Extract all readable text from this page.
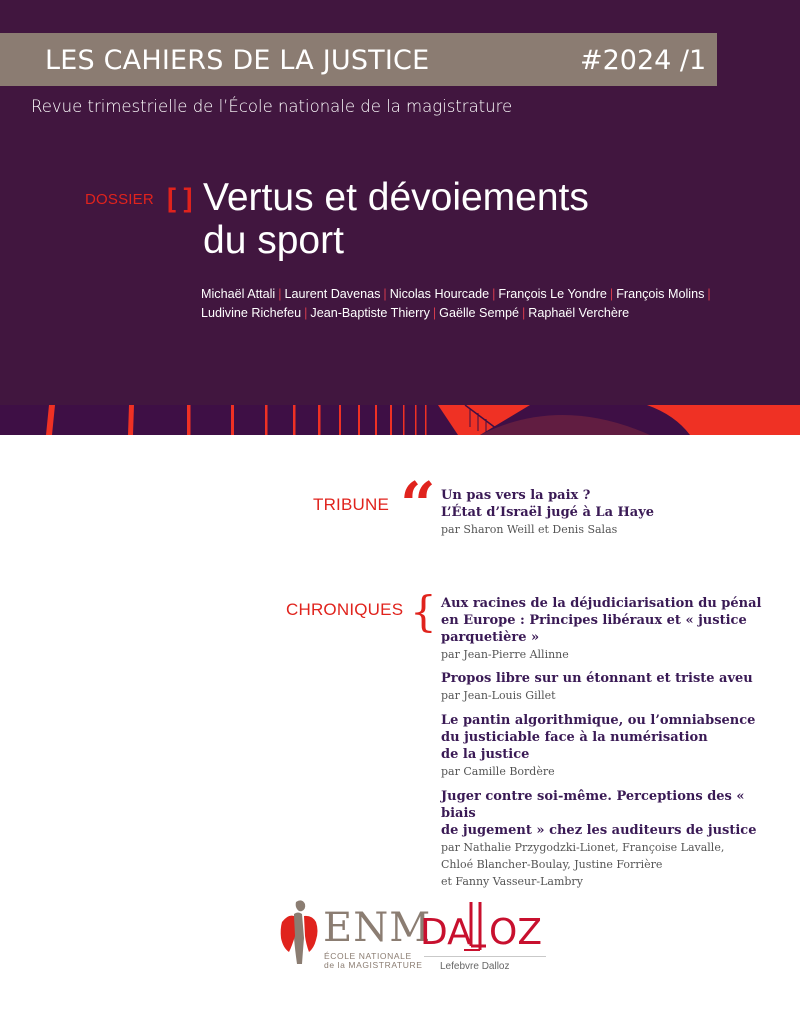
LES CAHIERS DE LA JUSTICE	#2024 /1
Revue trimestrielle de l’École nationale de la magistrature
DOSSIER [ ] Vertus et dévoiements
du sport
Michaël Attali | Laurent Davenas | Nicolas Hourcade | François Le Yondre | François Molins |
Ludivine Richefeu | Jean-Baptiste Thierry | Gaëlle Sempé | Raphaël Verchère
TRIBUNE “ Un pas vers la paix ?
L’État d’Israël jugé à La Haye
par Sharon Weill et Denis Salas
CHRONIQUES { Aux racines de la déjudiciarisation du pénal
en Europe : Principes libéraux et « justice
parquetière »
par Jean-Pierre Allinne
Propos libre sur un étonnant et triste aveu
par Jean-Louis Gillet
Le pantin algorithmique, ou l’omniabsence
du justiciable face à la numérisation
de la justice
par Camille Bordère
Juger contre soi-même. Perceptions des « biais
de jugement » chez les auditeurs de justice
par Nathalie Przygodzki-Lionet, Françoise Lavalle,
Chloé Blancher-Boulay, Justine Forrière
et Fanny Vasseur-Lambry
ENM
ÉCOLE NATIONALE
de la MAGISTRATURE
DA OZ
Lefebvre Dalloz
